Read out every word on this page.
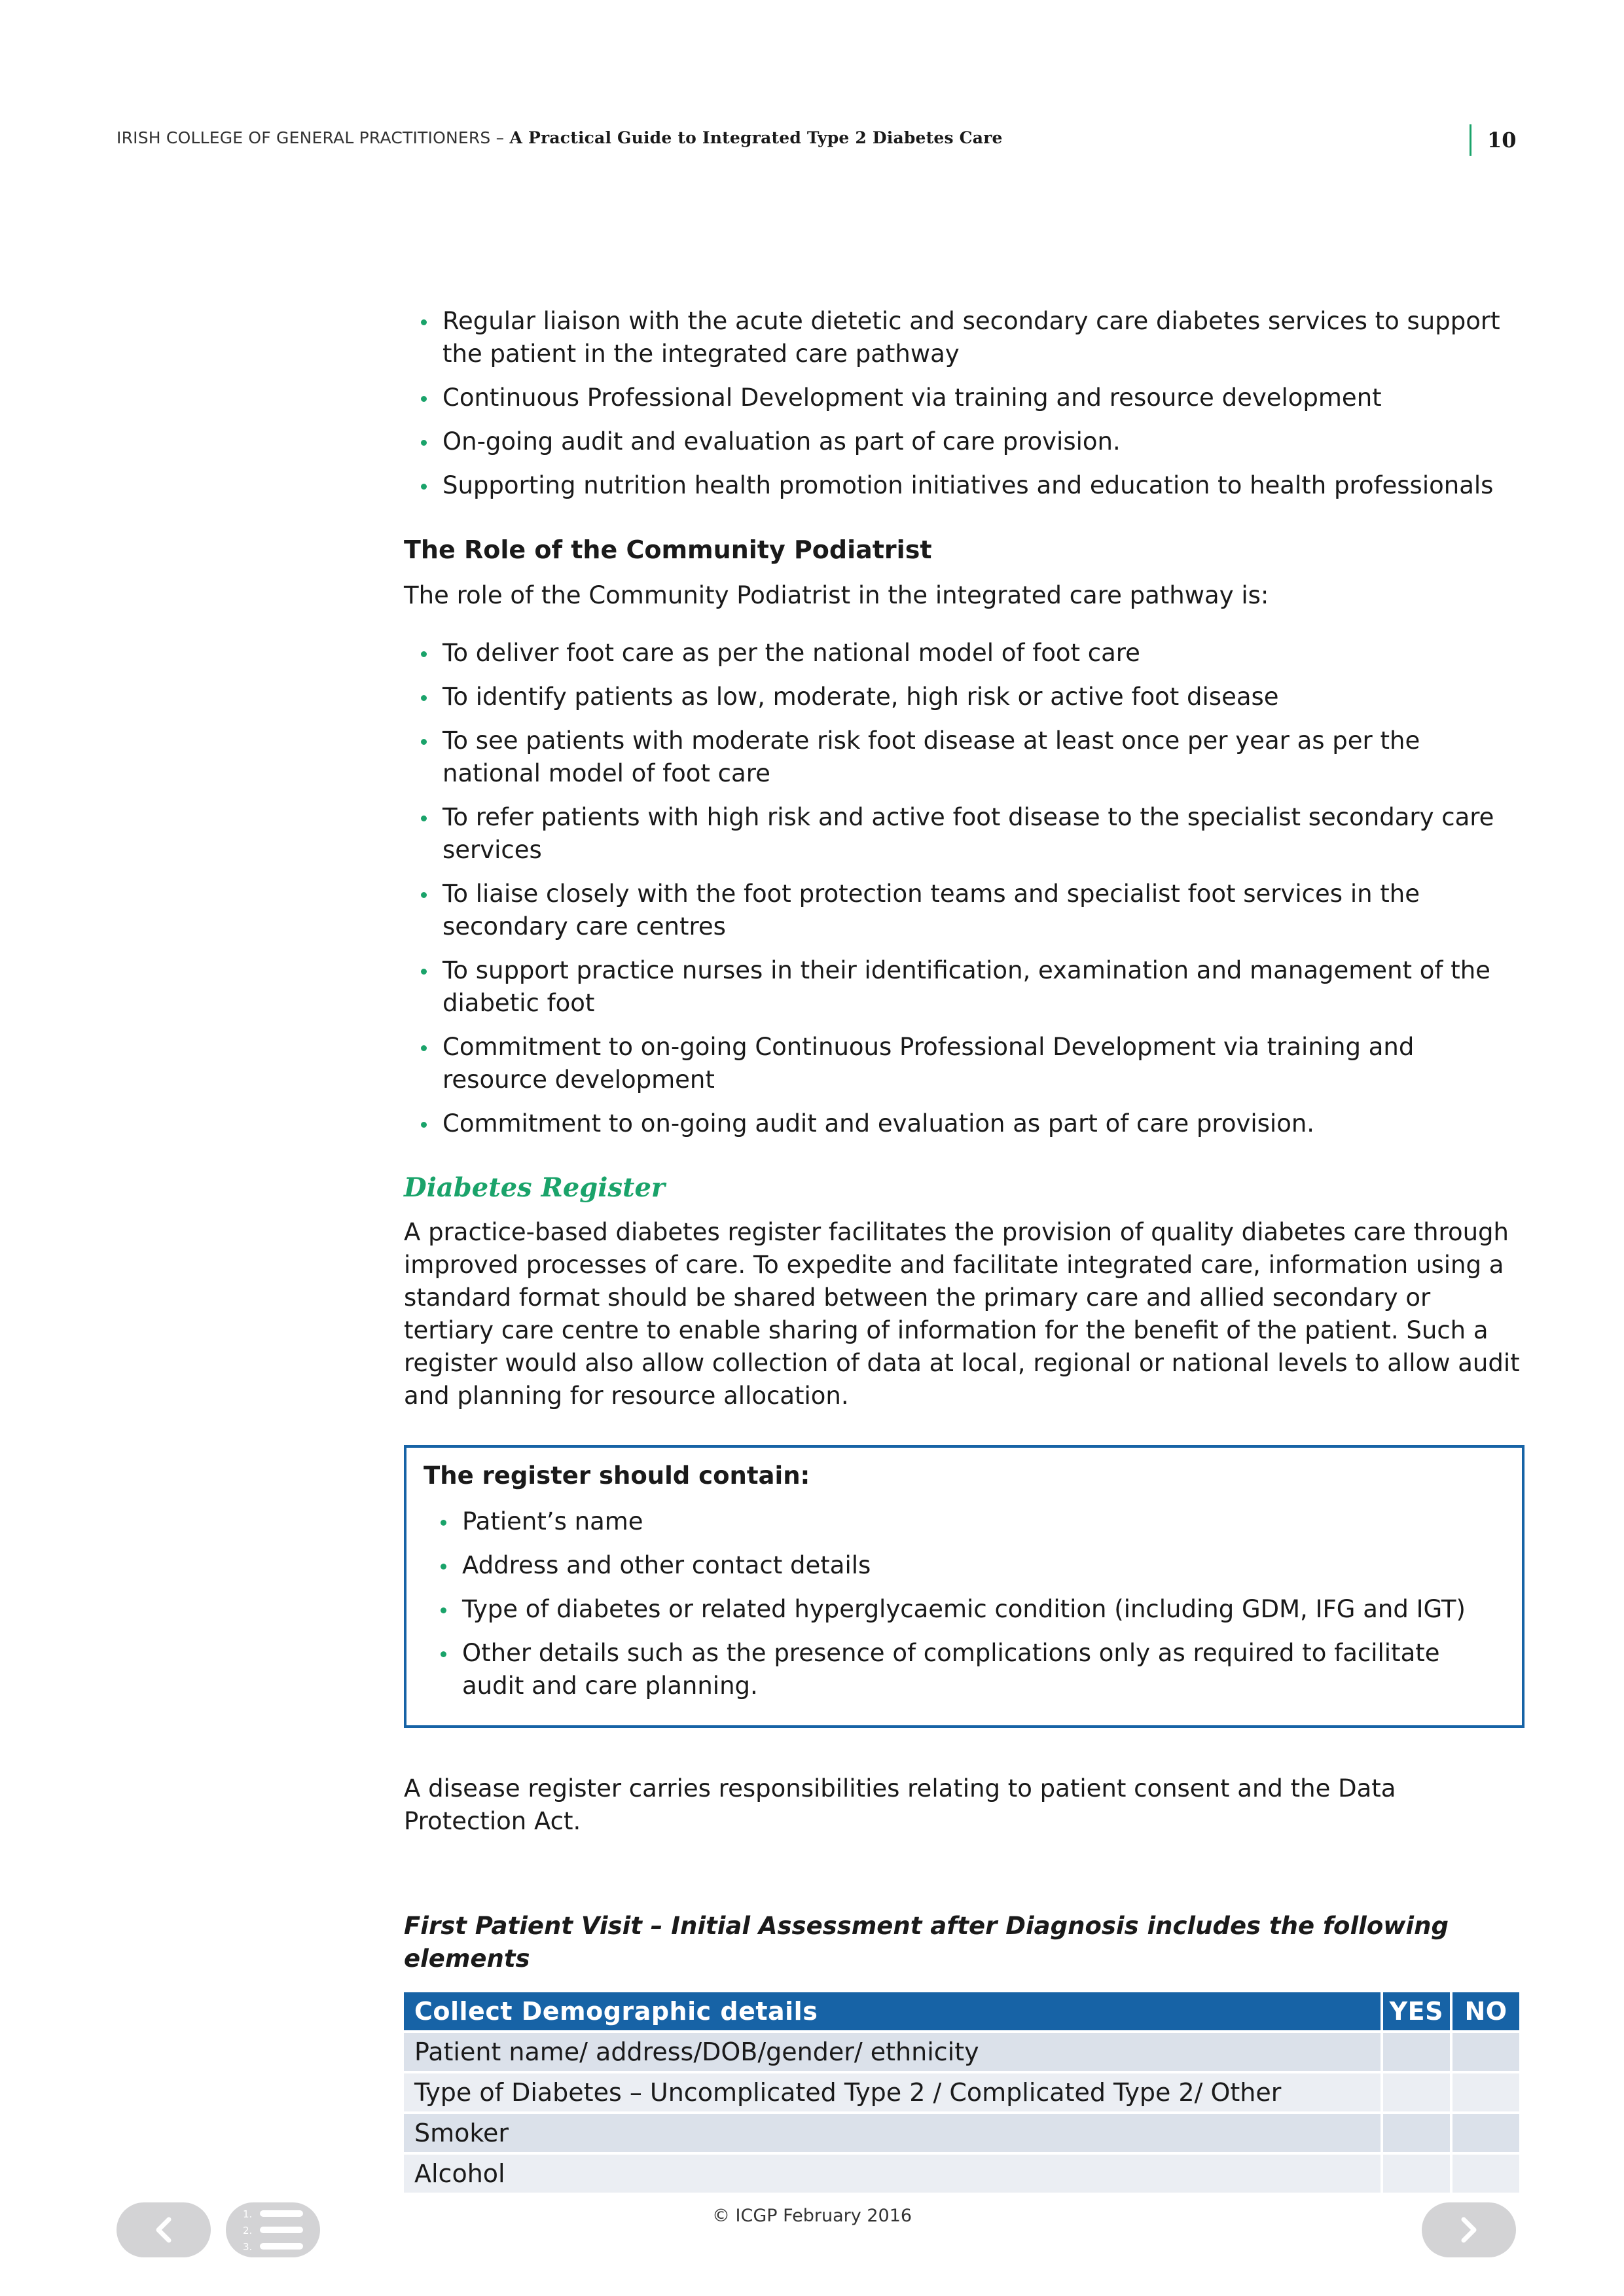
IRISH COLLEGE OF GENERAL PRACTITIONERS – A Practical Guide to Integrated Type 2 Diabetes Care	10
Regular liaison with the acute dietetic and secondary care diabetes services to support the patient in the integrated care pathway
Continuous Professional Development via training and resource development
On-going audit and evaluation as part of care provision.
Supporting nutrition health promotion initiatives and education to health professionals
The Role of the Community Podiatrist
The role of the Community Podiatrist in the integrated care pathway is:
To deliver foot care as per the national model of foot care
To identify patients as low, moderate, high risk or active foot disease
To see patients with moderate risk foot disease at least once per year as per the national model of foot care
To refer patients with high risk and active foot disease to the specialist secondary care services
To liaise closely with the foot protection teams and specialist foot services in the secondary care centres
To support practice nurses in their identification, examination and management of the diabetic foot
Commitment to on-going Continuous Professional Development via training and resource development
Commitment to on-going audit and evaluation as part of care provision.
Diabetes Register
A practice-based diabetes register facilitates the provision of quality diabetes care through improved processes of care. To expedite and facilitate integrated care, information using a standard format should be shared between the primary care and allied secondary or tertiary care centre to enable sharing of information for the benefit of the patient. Such a register would also allow collection of data at local, regional or national levels to allow audit and planning for resource allocation.
The register should contain:
Patient’s name
Address and other contact details
Type of diabetes or related hyperglycaemic condition (including GDM, IFG and IGT)
Other details such as the presence of complications only as required to facilitate audit and care planning.
A disease register carries responsibilities relating to patient consent and the Data Protection Act.
First Patient Visit – Initial Assessment after Diagnosis includes the following elements
Collect Demographic details	YES	NO
Patient name/ address/DOB/gender/ ethnicity		
Type of Diabetes – Uncomplicated Type 2 / Complicated Type 2/ Other		
Smoker		
Alcohol		
1.
2.
3.
© ICGP February 2016
